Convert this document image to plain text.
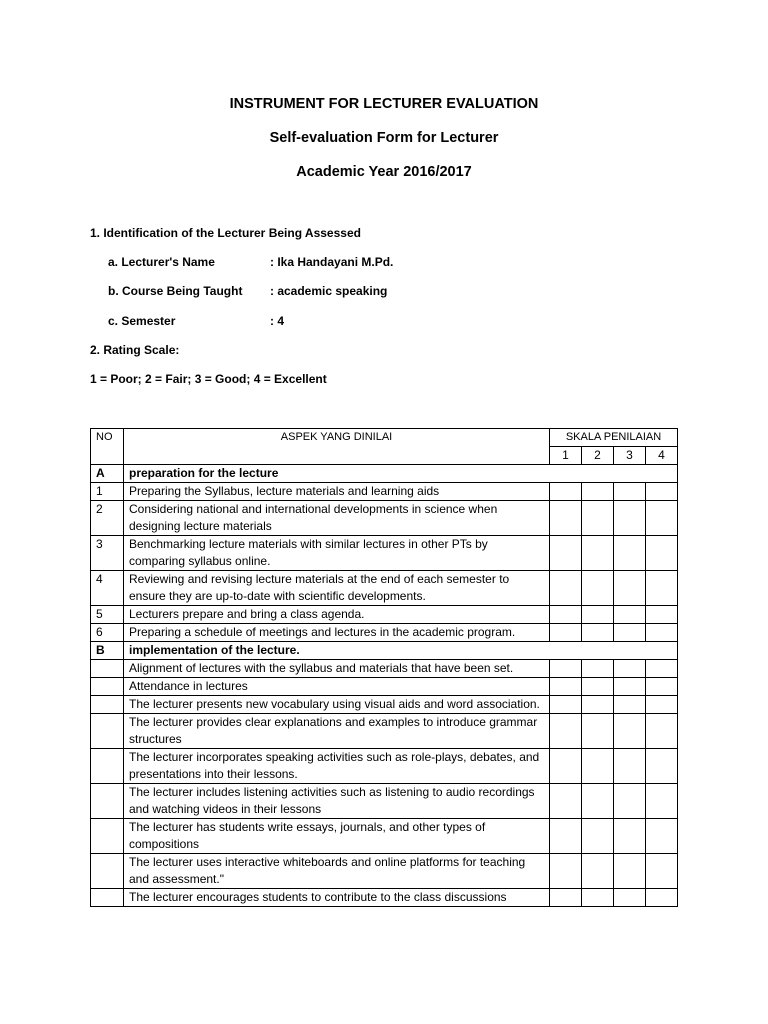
INSTRUMENT FOR LECTURER EVALUATION
Self-evaluation Form for Lecturer
Academic Year 2016/2017
1. Identification of the Lecturer Being Assessed
a. Lecturer's Name	: Ika Handayani M.Pd.
b. Course Being Taught : academic speaking
c. Semester	: 4
2. Rating Scale:
1 = Poor; 2 = Fair; 3 = Good; 4 = Excellent
NO	ASPEK YANG DINILAI	SKALA PENILAIAN			
		1	2	3	4
A	preparation for the lecture				
1	Preparing the Syllabus, lecture materials and learning aids				
2	Considering national and international developments in science when designing lecture materials				
3	Benchmarking lecture materials with similar lectures in other PTs by comparing syllabus online.				
4	Reviewing and revising lecture materials at the end of each semester to ensure they are up-to-date with scientific developments.				
5	Lecturers prepare and bring a class agenda.				
6	Preparing a schedule of meetings and lectures in the academic program.				
B	implementation of the lecture.				
	Alignment of lectures with the syllabus and materials that have been set.				
	Attendance in lectures				
	The lecturer presents new vocabulary using visual aids and word association.				
	The lecturer provides clear explanations and examples to introduce grammar structures				
	The lecturer incorporates speaking activities such as role-plays, debates, and presentations into their lessons.				
	The lecturer includes listening activities such as listening to audio recordings and watching videos in their lessons				
	The lecturer has students write essays, journals, and other types of compositions				
	The lecturer uses interactive whiteboards and online platforms for teaching and assessment."				
	The lecturer encourages students to contribute to the class discussions				
